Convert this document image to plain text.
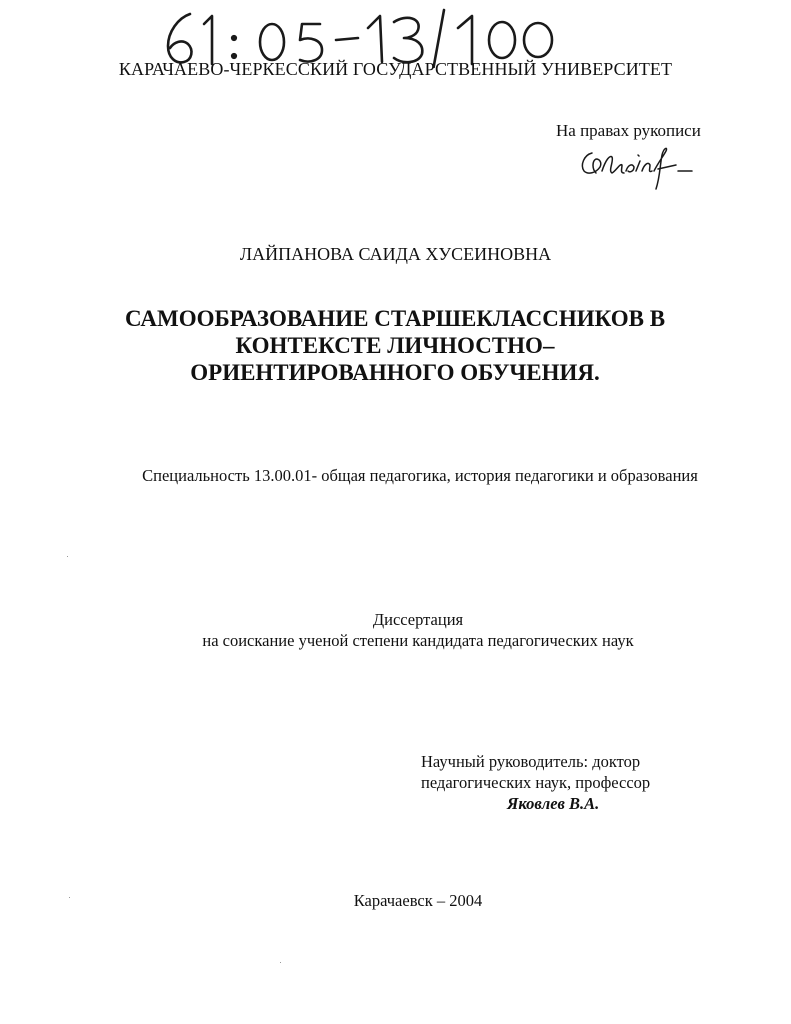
КАРАЧАЕВО-ЧЕРКЕССКИЙ ГОСУДАРСТВЕННЫЙ УНИВЕРСИТЕТ
На правах рукописи
ЛАЙПАНОВА САИДА ХУСЕИНОВНА
САМООБРАЗОВАНИЕ СТАРШЕКЛАССНИКОВ В КОНТЕКСТЕ ЛИЧНОСТНО–ОРИЕНТИРОВАННОГО ОБУЧЕНИЯ.
Специальность 13.00.01- общая педагогика, история педагогики и образования
Диссертация
на соискание ученой степени кандидата педагогических наук
Научный руководитель: доктор
педагогических наук, профессор
Яковлев В.А.
Карачаевск – 2004
